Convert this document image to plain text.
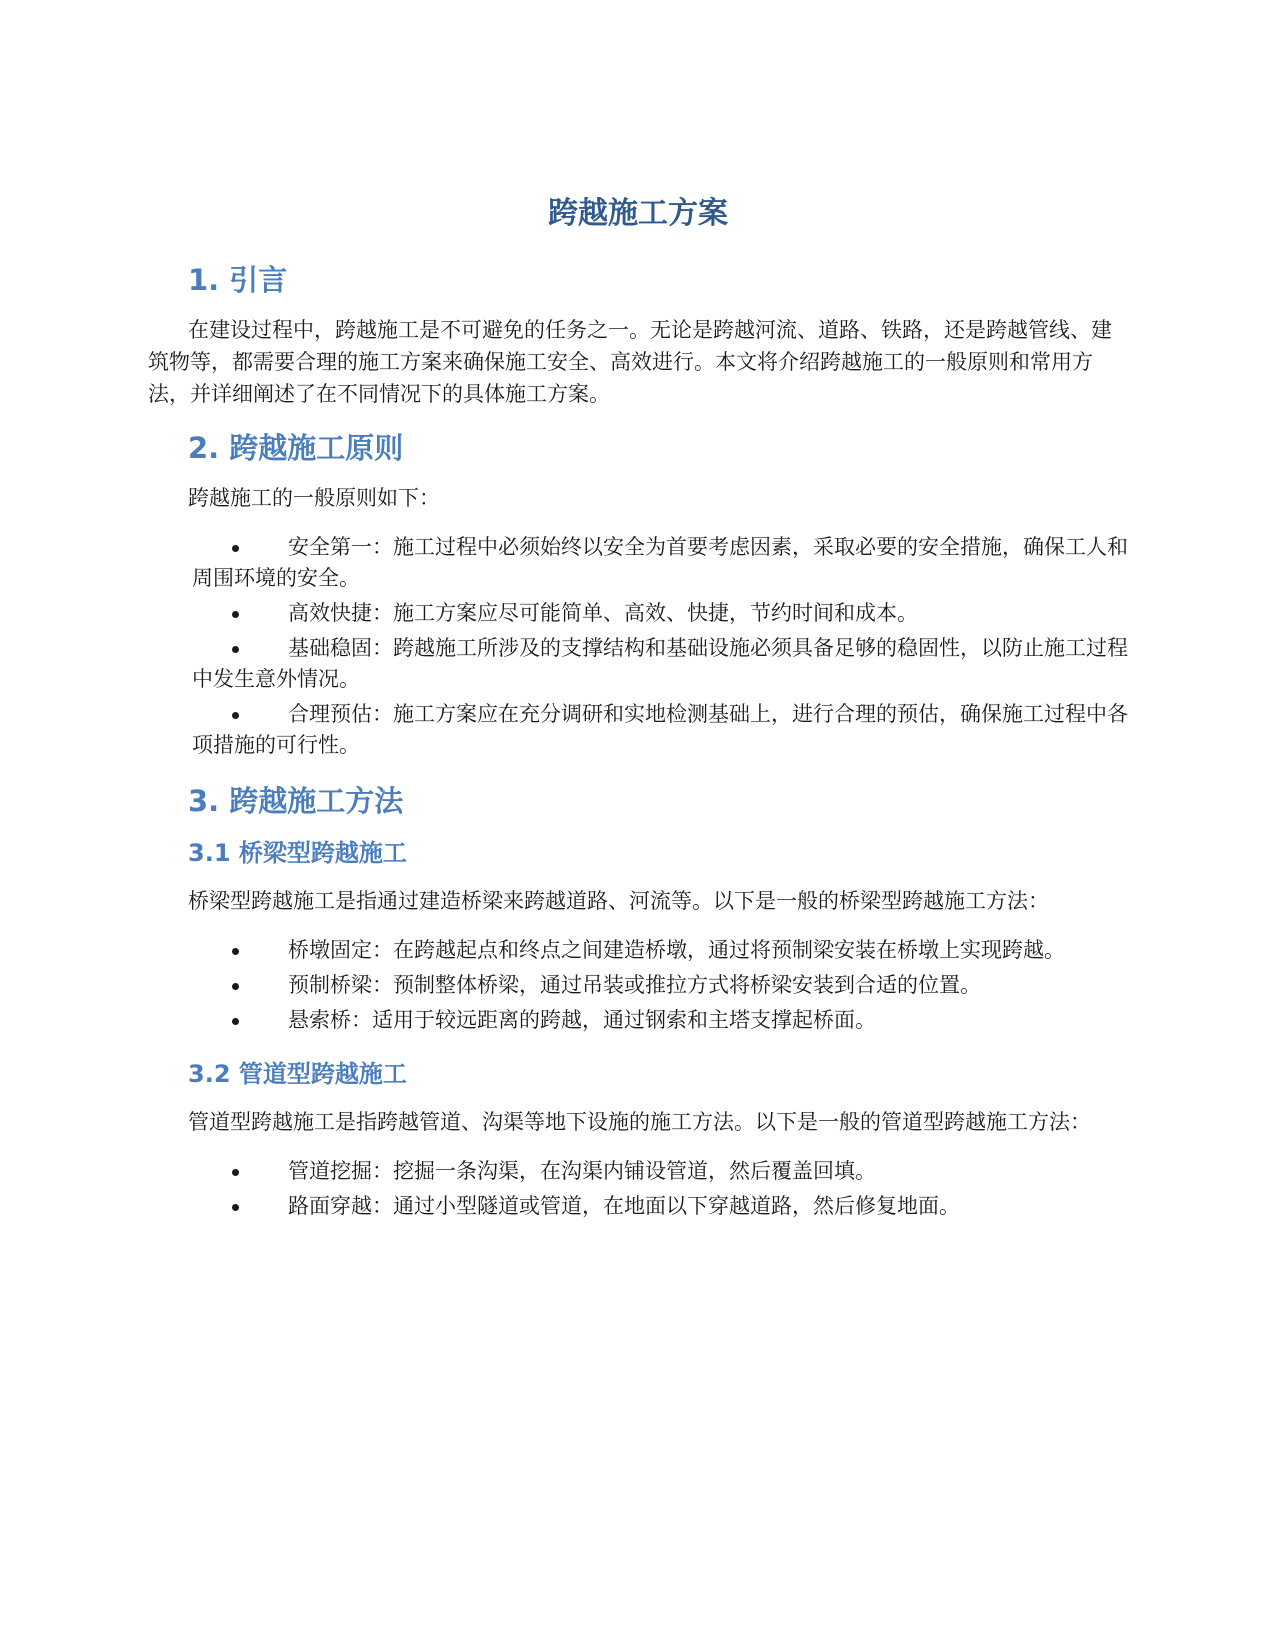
跨越施工方案
1. 引言

在建设过程中，跨越施工是不可避免的任务之一。无论是跨越河流、道路、铁路，还是跨越管线、建筑物等，都需要合理的施工方案来确保施工安全、高效进行。本文将介绍跨越施工的一般原则和常用方法，并详细阐述了在不同情况下的具体施工方案。

2. 跨越施工原则

跨越施工的一般原则如下：

安全第一：施工过程中必须始终以安全为首要考虑因素，采取必要的安全措施，确保工人和周围环境的安全。
高效快捷：施工方案应尽可能简单、高效、快捷，节约时间和成本。
基础稳固：跨越施工所涉及的支撑结构和基础设施必须具备足够的稳固性，以防止施工过程中发生意外情况。
合理预估：施工方案应在充分调研和实地检测基础上，进行合理的预估，确保施工过程中各项措施的可行性。
3. 跨越施工方法
3.1 桥梁型跨越施工

桥梁型跨越施工是指通过建造桥梁来跨越道路、河流等。以下是一般的桥梁型跨越施工方法：

桥墩固定：在跨越起点和终点之间建造桥墩，通过将预制梁安装在桥墩上实现跨越。
预制桥梁：预制整体桥梁，通过吊装或推拉方式将桥梁安装到合适的位置。
悬索桥：适用于较远距离的跨越，通过钢索和主塔支撑起桥面。
3.2 管道型跨越施工

管道型跨越施工是指跨越管道、沟渠等地下设施的施工方法。以下是一般的管道型跨越施工方法：

管道挖掘：挖掘一条沟渠，在沟渠内铺设管道，然后覆盖回填。
路面穿越：通过小型隧道或管道，在地面以下穿越道路，然后修复地面。
